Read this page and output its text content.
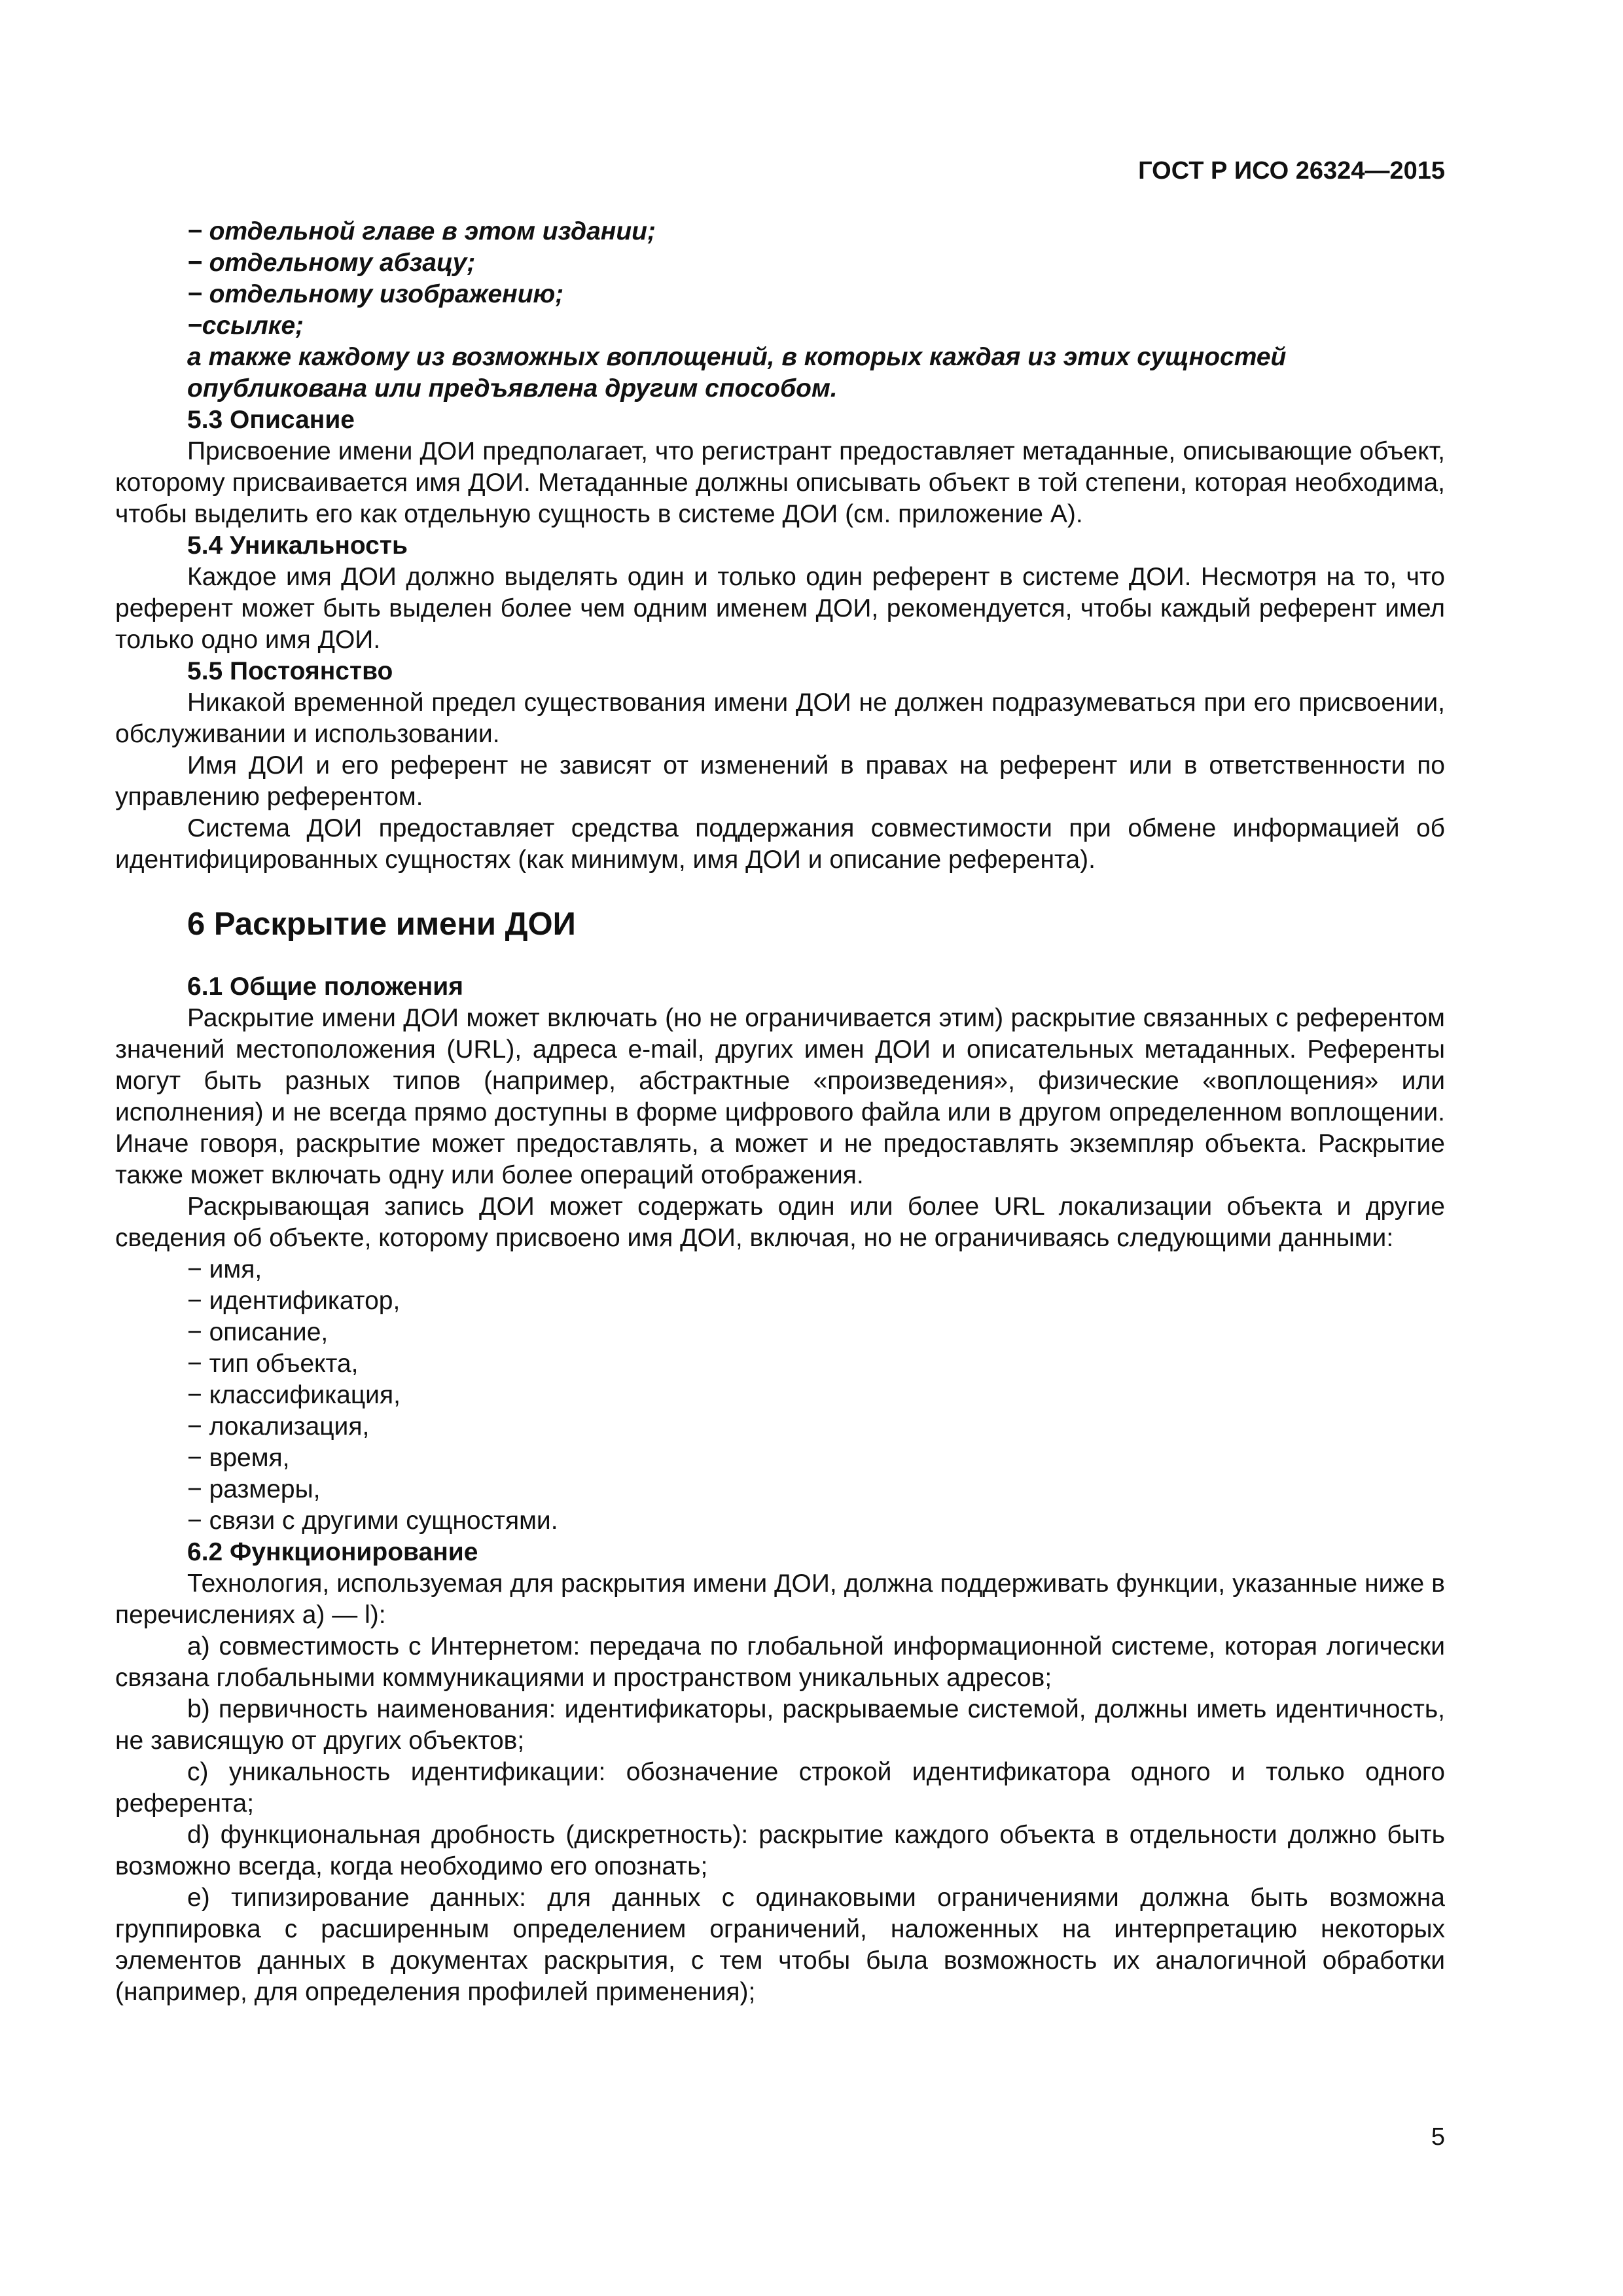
ГОСТ Р ИСО 26324—2015

− отдельной главе в этом издании;

− отдельному абзацу;

− отдельному изображению;

−ссылке;

а также каждому из возможных воплощений, в которых каждая из этих сущностей опубликована или предъявлена другим способом.

5.3 Описание

Присвоение имени ДОИ предполагает, что регистрант предоставляет метаданные, описывающие объект, которому присваивается имя ДОИ. Метаданные должны описывать объект в той степени, которая необходима, чтобы выделить его как отдельную сущность в системе ДОИ (см. приложение А).

5.4 Уникальность

Каждое имя ДОИ должно выделять один и только один референт в системе ДОИ. Несмотря на то, что референт может быть выделен более чем одним именем ДОИ, рекомендуется, чтобы каждый референт имел только одно имя ДОИ.

5.5 Постоянство

Никакой временной предел существования имени ДОИ не должен подразумеваться при его присвоении, обслуживании и использовании.

Имя ДОИ и его референт не зависят от изменений в правах на референт или в ответственности по управлению референтом.

Система ДОИ предоставляет средства поддержания совместимости при обмене информацией об идентифицированных сущностях (как минимум, имя ДОИ и описание референта).

6 Раскрытие имени ДОИ

6.1 Общие положения

Раскрытие имени ДОИ может включать (но не ограничивается этим) раскрытие связанных с референтом значений местоположения (URL), адреса e-mail, других имен ДОИ и описательных метаданных. Референты могут быть разных типов (например, абстрактные «произведения», физические «воплощения» или исполнения) и не всегда прямо доступны в форме цифрового файла или в другом определенном воплощении. Иначе говоря, раскрытие может предоставлять, а может и не предоставлять экземпляр объекта. Раскрытие также может включать одну или более операций отображения.

Раскрывающая запись ДОИ может содержать один или более URL локализации объекта и другие сведения об объекте, которому присвоено имя ДОИ, включая, но не ограничиваясь следующими данными:

− имя,

− идентификатор,

− описание,

− тип объекта,

− классификация,

− локализация,

− время,

− размеры,

− связи с другими сущностями.

6.2 Функционирование

Технология, используемая для раскрытия имени ДОИ, должна поддерживать функции, указанные ниже в перечислениях а) — l):

а) совместимость с Интернетом: передача по глобальной информационной системе, которая логически связана глобальными коммуникациями и пространством уникальных адресов;

b) первичность наименования: идентификаторы, раскрываемые системой, должны иметь идентичность, не зависящую от других объектов;

c) уникальность идентификации: обозначение строкой идентификатора одного и только одного референта;

d) функциональная дробность (дискретность): раскрытие каждого объекта в отдельности должно быть возможно всегда, когда необходимо его опознать;

e) типизирование данных: для данных с одинаковыми ограничениями должна быть возможна группировка с расширенным определением ограничений, наложенных на интерпретацию некоторых элементов данных в документах раскрытия, с тем чтобы была возможность их аналогичной обработки (например, для определения профилей применения);

5
